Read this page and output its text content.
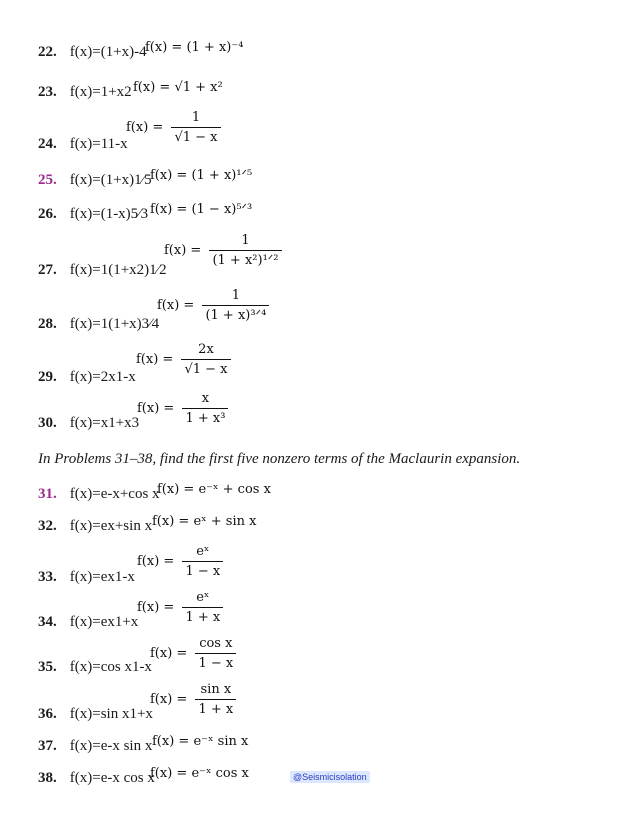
22. f(x)=(1+x)-4
f(x) = (1 + x)⁻⁴
23. f(x)=1+x2 f(x) = √1 + x²
24. f(x)=11-x
$f(x) = \frac{1}{√1 - x}$
25. f(x)=(1+x)1⁄5
f(x) = (1 + x)¹ᐟ⁵
26. f(x)=(1-x)5⁄3 f(x) = (1 − x)⁵ᐟ³
27. f(x)=1(1+x2)1⁄2
$f(x) = \frac{1}{\text{(1 + x²)¹ᐟ²}}$
28. f(x)=1(1+x)3⁄4
$f(x) = \frac{1}{\text{(1 + x)³ᐟ⁴}}$
29. f(x)=2x1-x
$f(x) = \frac{2x}{√1 - x}$
30. f(x)=x1+x3
$f(x) = \frac{x}{\text{1 + x³}}$
In Problems 31–38, find the first five nonzero terms of the Maclaurin expansion.
31. f(x)=e-x+cos x
f(x) = e⁻ˣ + cos x
32. f(x)=ex+sin x f(x) = eˣ + sin x
33. f(x)=ex1-x
$f(x) = \frac{\text{eˣ}}{1 - x}$
34. f(x)=ex1+x
$f(x) = \frac{\text{eˣ}}{1 + x}$
35. f(x)=cos x1-x
$f(x) = \frac{\text{cos x}}{1 - x}$
36. f(x)=sin x1+x
$f(x) = \frac{\text{sin x}}{1 + x}$
37. f(x)=e-x sin x f(x) = e⁻ˣ sin x
38. f(x)=e-x cos x
f(x) = e⁻ˣ cos x	@Seismicisolation
